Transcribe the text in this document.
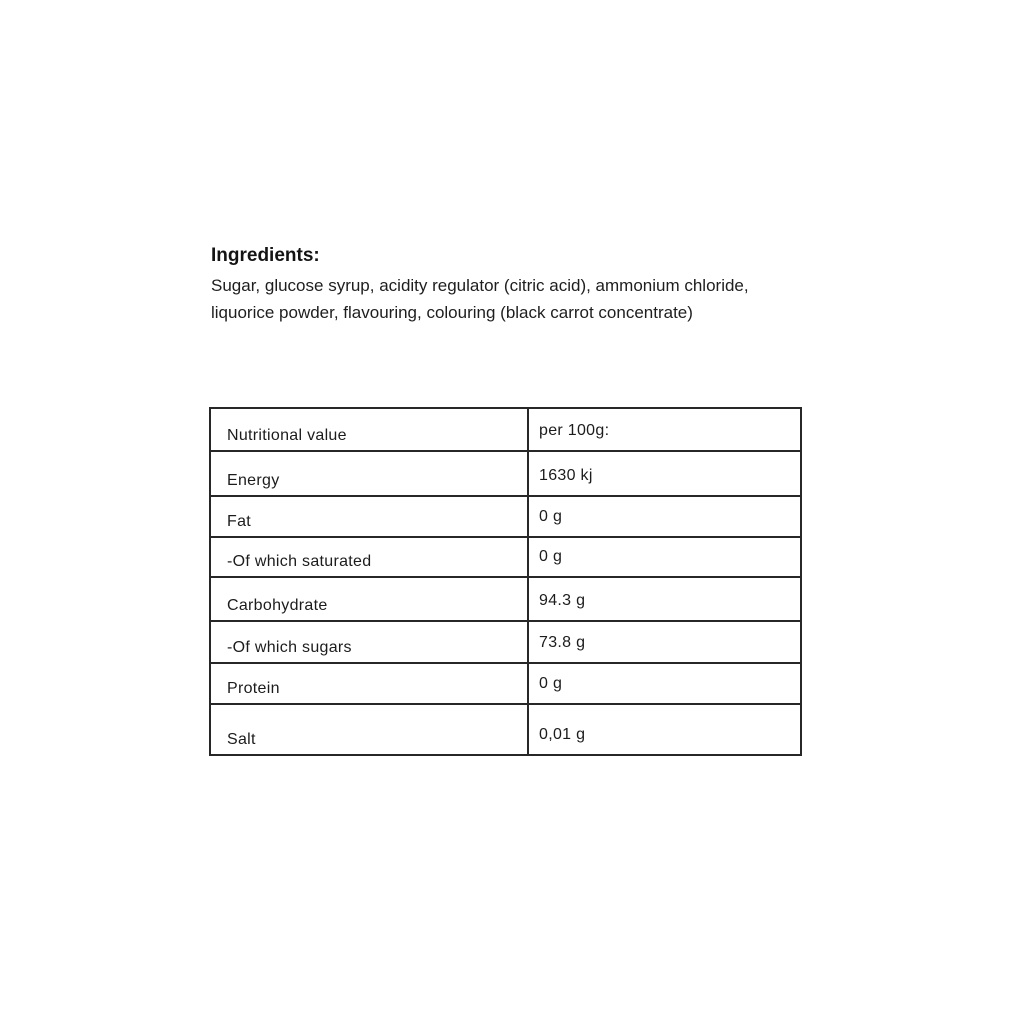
Ingredients:

Sugar, glucose syrup, acidity regulator (citric acid), ammonium chloride, liquorice powder, flavouring, colouring (black carrot concentrate)

Nutritional value	per 100g:
Energy	1630 kj
Fat	0 g
-Of which saturated	0 g
Carbohydrate	94.3 g
-Of which sugars	73.8 g
Protein	0 g
Salt	0,01 g
